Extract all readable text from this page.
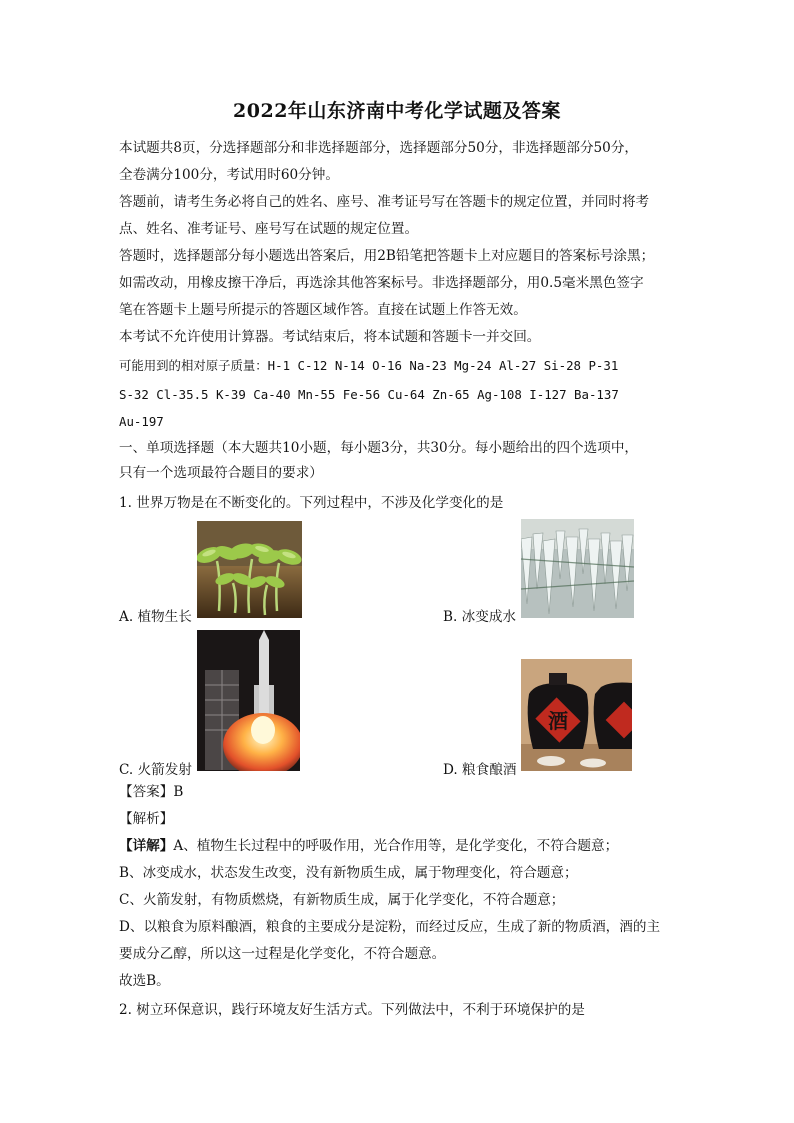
2022年山东济南中考化学试题及答案
本试题共8页，分选择题部分和非选择题部分，选择题部分50分，非选择题部分50分，
全卷满分100分，考试用时60分钟。
答题前，请考生务必将自己的姓名、座号、准考证号写在答题卡的规定位置，并同时将考
点、姓名、准考证号、座号写在试题的规定位置。
答题时，选择题部分每小题选出答案后，用2B铅笔把答题卡上对应题目的答案标号涂黑；
如需改动，用橡皮擦干净后，再选涂其他答案标号。非选择题部分，用0.5毫米黑色签字
笔在答题卡上题号所提示的答题区域作答。直接在试题上作答无效。
本考试不允许使用计算器。考试结束后，将本试题和答题卡一并交回。
可能用到的相对原子质量：H-1 C-12 N-14 O-16 Na-23 Mg-24 Al-27 Si-28 P-31
S-32 Cl-35.5 K-39 Ca-40 Mn-55 Fe-56 Cu-64 Zn-65 Ag-108 I-127 Ba-137
Au-197
一、单项选择题（本大题共10小题，每小题3分，共30分。每小题给出的四个选项中，
只有一个选项最符合题目的要求）
1. 世界万物是在不断变化的。下列过程中，不涉及化学变化的是
A. 植物生长	B. 冰变成水
C. 火箭发射
酒
D. 粮食酿酒
【答案】B
【解析】
【详解】A、植物生长过程中的呼吸作用，光合作用等，是化学变化，不符合题意；
B、冰变成水，状态发生改变，没有新物质生成，属于物理变化，符合题意；
C、火箭发射，有物质燃烧，有新物质生成，属于化学变化，不符合题意；
D、以粮食为原料酿酒，粮食的主要成分是淀粉，而经过反应，生成了新的物质酒，酒的主
要成分乙醇，所以这一过程是化学变化，不符合题意。
故选B。
2. 树立环保意识，践行环境友好生活方式。下列做法中，不利于环境保护的是
